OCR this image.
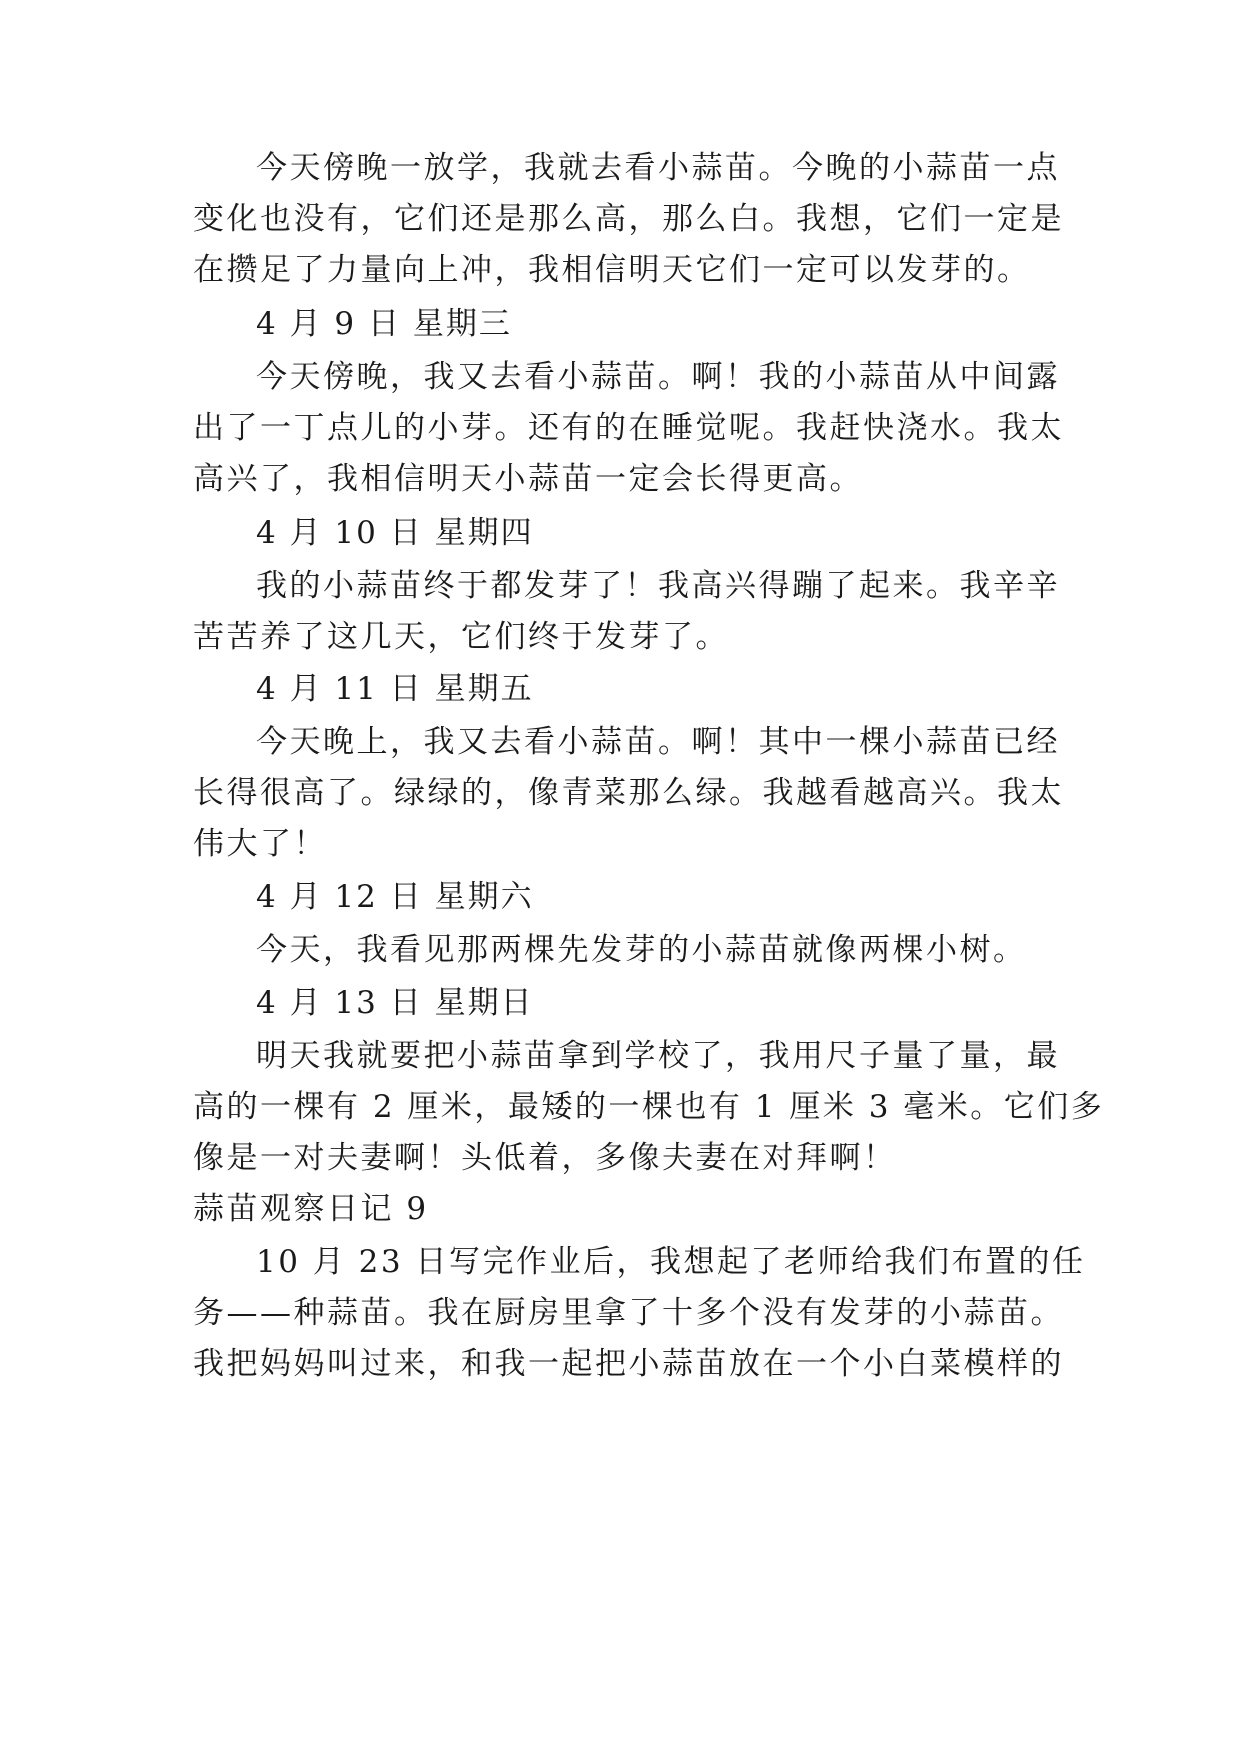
今天傍晚一放学，我就去看小蒜苗。今晚的小蒜苗一点
变化也没有，它们还是那么高，那么白。我想，它们一定是
在攒足了力量向上冲，我相信明天它们一定可以发芽的。
4 月 9 日 星期三
今天傍晚，我又去看小蒜苗。啊！我的小蒜苗从中间露
出了一丁点儿的小芽。还有的在睡觉呢。我赶快浇水。我太
高兴了，我相信明天小蒜苗一定会长得更高。
4 月 10 日 星期四
我的小蒜苗终于都发芽了！我高兴得蹦了起来。我辛辛
苦苦养了这几天，它们终于发芽了。
4 月 11 日 星期五
今天晚上，我又去看小蒜苗。啊！其中一棵小蒜苗已经
长得很高了。绿绿的，像青菜那么绿。我越看越高兴。我太
伟大了！
4 月 12 日 星期六
今天，我看见那两棵先发芽的小蒜苗就像两棵小树。
4 月 13 日 星期日
明天我就要把小蒜苗拿到学校了，我用尺子量了量，最
高的一棵有 2 厘米，最矮的一棵也有 1 厘米 3 毫米。它们多
像是一对夫妻啊！头低着，多像夫妻在对拜啊！
蒜苗观察日记 9
10 月 23 日写完作业后，我想起了老师给我们布置的任
务——种蒜苗。我在厨房里拿了十多个没有发芽的小蒜苗。
我把妈妈叫过来，和我一起把小蒜苗放在一个小白菜模样的
